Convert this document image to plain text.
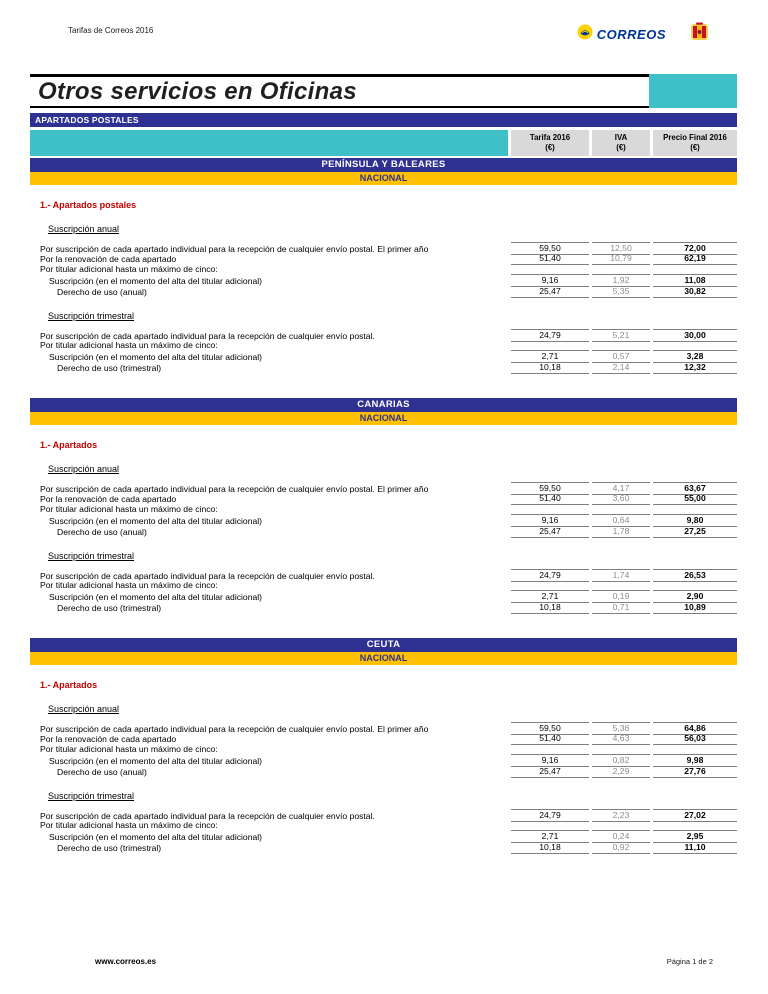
Tarifas de Correos 2016	CORREOS
Otros servicios en Oficinas
APARTADOS POSTALES
Tarifa 2016
(€)
IVA
(€)
Precio Final 2016
(€)
PENÍNSULA Y BALEARES
NACIONAL
1.- Apartados postales
Suscripción anual
Por suscripción de cada apartado individual para la recepción de cualquier envío postal. El primer año	59,50	12,50	72,00
Por la renovación de cada apartado	51,40	10,79	62,19
Por titular adicional hasta un máximo de cinco:
Suscripción (en el momento del alta del titular adicional)	9,16	1,92	11,08
Derecho de uso (anual)	25,47	5,35	30,82
Suscripción trimestral
Por suscripción de cada apartado individual para la recepción de cualquier envío postal.	24,79	5,21	30,00
Por titular adicional hasta un máximo de cinco:
Suscripción (en el momento del alta del titular adicional)	2,71	0,57	3,28
Derecho de uso (trimestral)	10,18	2,14	12,32
CANARIAS
NACIONAL
1.- Apartados
Suscripción anual
Por suscripción de cada apartado individual para la recepción de cualquier envío postal. El primer año	59,50	4,17	63,67
Por la renovación de cada apartado	51,40	3,60	55,00
Por titular adicional hasta un máximo de cinco:
Suscripción (en el momento del alta del titular adicional)	9,16	0,64	9,80
Derecho de uso (anual)	25,47	1,78	27,25
Suscripción trimestral
Por suscripción de cada apartado individual para la recepción de cualquier envío postal.	24,79	1,74	26,53
Por titular adicional hasta un máximo de cinco:
Suscripción (en el momento del alta del titular adicional)	2,71	0,19	2,90
Derecho de uso (trimestral)	10,18	0,71	10,89
CEUTA
NACIONAL
1.- Apartados
Suscripción anual
Por suscripción de cada apartado individual para la recepción de cualquier envío postal. El primer año	59,50	5,36	64,86
Por la renovación de cada apartado	51,40	4,63	56,03
Por titular adicional hasta un máximo de cinco:
Suscripción (en el momento del alta del titular adicional)	9,16	0,82	9,98
Derecho de uso (anual)	25,47	2,29	27,76
Suscripción trimestral
Por suscripción de cada apartado individual para la recepción de cualquier envío postal.	24,79	2,23	27,02
Por titular adicional hasta un máximo de cinco:
Suscripción (en el momento del alta del titular adicional)	2,71	0,24	2,95
Derecho de uso (trimestral)	10,18	0,92	11,10
www.correos.es	Página 1 de 2
